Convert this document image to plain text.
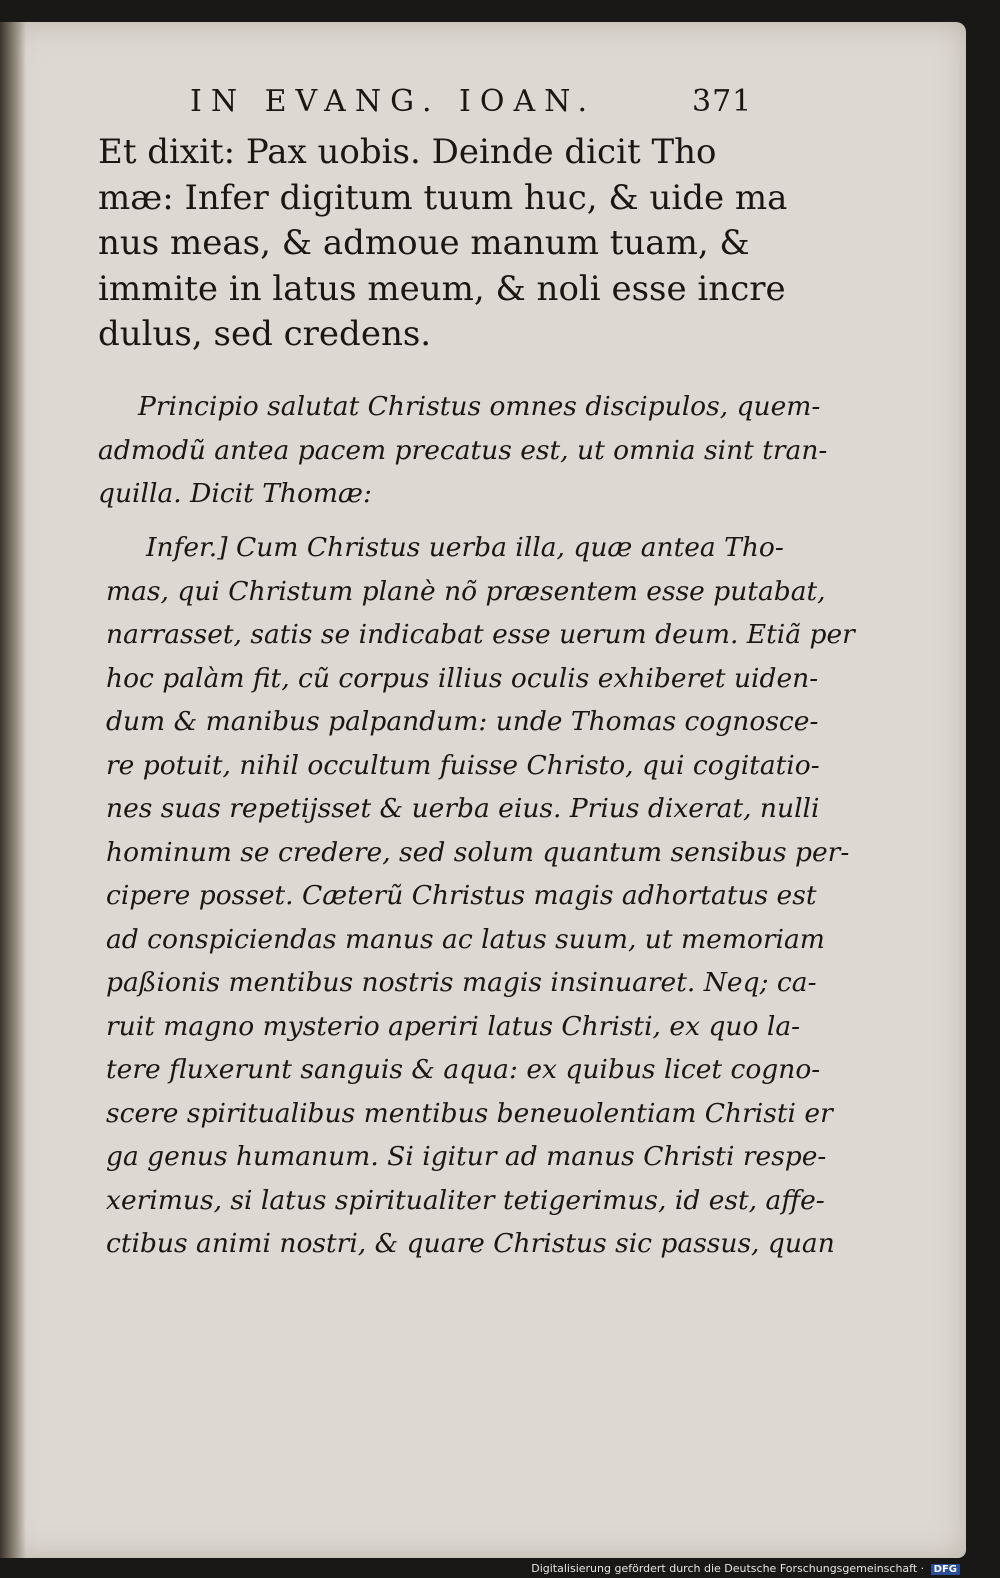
IN EVANG. IOAN.	371
Et dixit: Pax uobis. Deinde dicit Tho
mæ: Infer digitum tuum huc, & uide ma
nus meas, & admoue manum tuam, &
immite in latus meum, & noli esse incre
dulus, sed credens.
Principio salutat Christus omnes discipulos, quem-
admodũ antea pacem precatus est, ut omnia sint tran-
quilla. Dicit Thomæ:
Infer.] Cum Christus uerba illa, quæ antea Tho-
mas, qui Christum planè nõ præsentem esse putabat,
narrasset, satis se indicabat esse uerum deum. Etiã per
hoc palàm fit, cũ corpus illius oculis exhiberet uiden-
dum & manibus palpandum: unde Thomas cognosce-
re potuit, nihil occultum fuisse Christo, qui cogitatio-
nes suas repetijsset & uerba eius. Prius dixerat, nulli
hominum se credere, sed solum quantum sensibus per-
cipere posset. Cæterũ Christus magis adhortatus est
ad conspiciendas manus ac latus suum, ut memoriam
paßionis mentibus nostris magis insinuaret. Neq; ca-
ruit magno mysterio aperiri latus Christi, ex quo la-
tere fluxerunt sanguis & aqua: ex quibus licet cogno-
scere spiritualibus mentibus beneuolentiam Christi er
ga genus humanum. Si igitur ad manus Christi respe-
xerimus, si latus spiritualiter tetigerimus, id est, affe-
ctibus animi nostri, & quare Christus sic passus, quan
Digitalisierung gefördert durch die Deutsche Forschungsgemeinschaft · DFG
